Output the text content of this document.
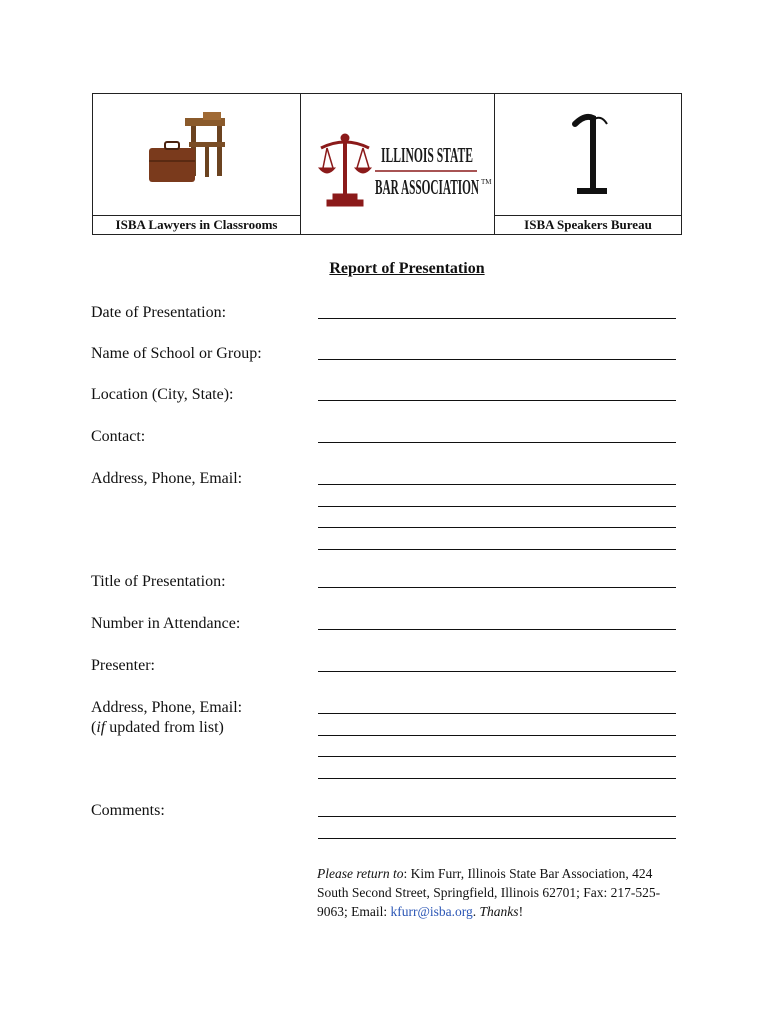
ISBA Lawyers in Classrooms
ILLINOIS STATE
BAR ASSOCIATION TM
ISBA Speakers Bureau
Report of Presentation
Date of Presentation:
Name of School or Group:
Location (City, State):
Contact:
Address, Phone, Email:
Title of Presentation:
Number in Attendance:
Presenter:
Address, Phone, Email:
(if updated from list)
Comments:
Please return to: Kim Furr, Illinois State Bar Association, 424 South Second Street, Springfield, Illinois 62701; Fax: 217-525-9063; Email: kfurr@isba.org. Thanks!
